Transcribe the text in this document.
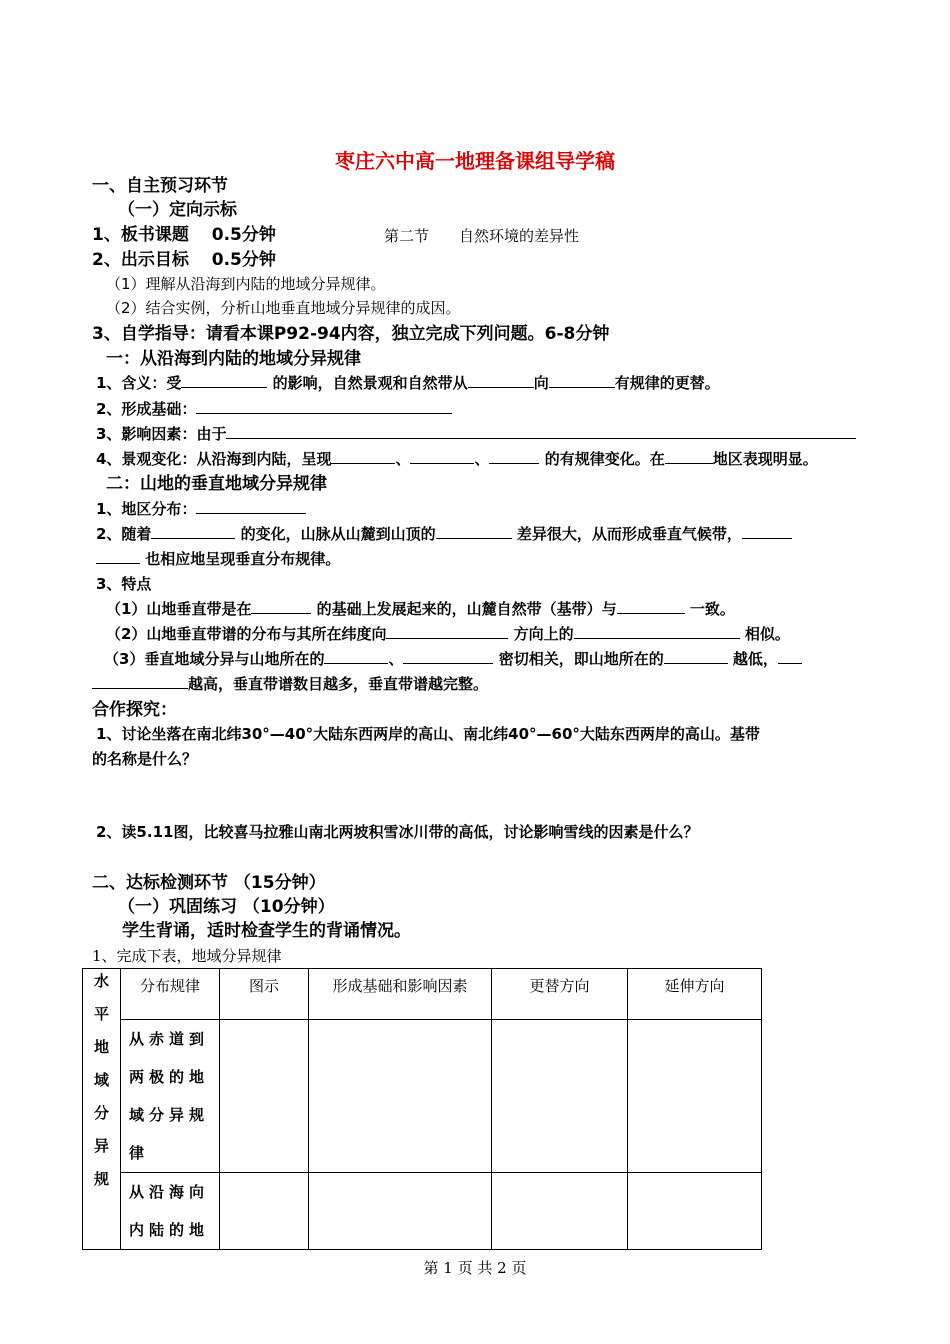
枣庄六中高一地理备课组导学稿
一、自主预习环节
（一）定向示标
1、板书课题　 0.5分钟	第二节　　自然环境的差异性
2、出示目标　 0.5分钟
（1）理解从沿海到内陆的地域分异规律。
（2）结合实例，分析山地垂直地域分异规律的成因。
3、自学指导：请看本课P92-94内容，独立完成下列问题。6-8分钟
一：从沿海到内陆的地域分异规律
1、含义：受	的影响，自然景观和自然带从	向	有规律的更替。
2、形成基础：
3、影响因素：由于
4、景观变化：从沿海到内陆，呈现	、	、	的有规律变化。在	地区表现明显。
二：山地的垂直地域分异规律
1、地区分布：
2、随着	的变化，山脉从山麓到山顶的	差异很大，从而形成垂直气候带，
也相应地呈现垂直分布规律。
3、特点
（1）山地垂直带是在	的基础上发展起来的，山麓自然带（基带）与	一致。
（2）山地垂直带谱的分布与其所在纬度向	方向上的	相似。
（3）垂直地域分异与山地所在的	、	密切相关，即山地所在的	越低，
越高，垂直带谱数目越多，垂直带谱越完整。
合作探究：
1、讨论坐落在南北纬30°—40°大陆东西两岸的高山、南北纬40°—60°大陆东西两岸的高山。基带
的名称是什么？
2、读5.11图，比较喜马拉雅山南北两坡积雪冰川带的高低，讨论影响雪线的因素是什么？
二、达标检测环节 （15分钟）
（一）巩固练习 （10分钟）
学生背诵，适时检查学生的背诵情况。
1、完成下表，地域分异规律
水平地域分异规	分布规律	图示	形成基础和影响因素	更替方向	延伸方向

	从赤道到两极的地域分异规律				

	从沿海向内陆的地				

第 1 页 共 2 页
